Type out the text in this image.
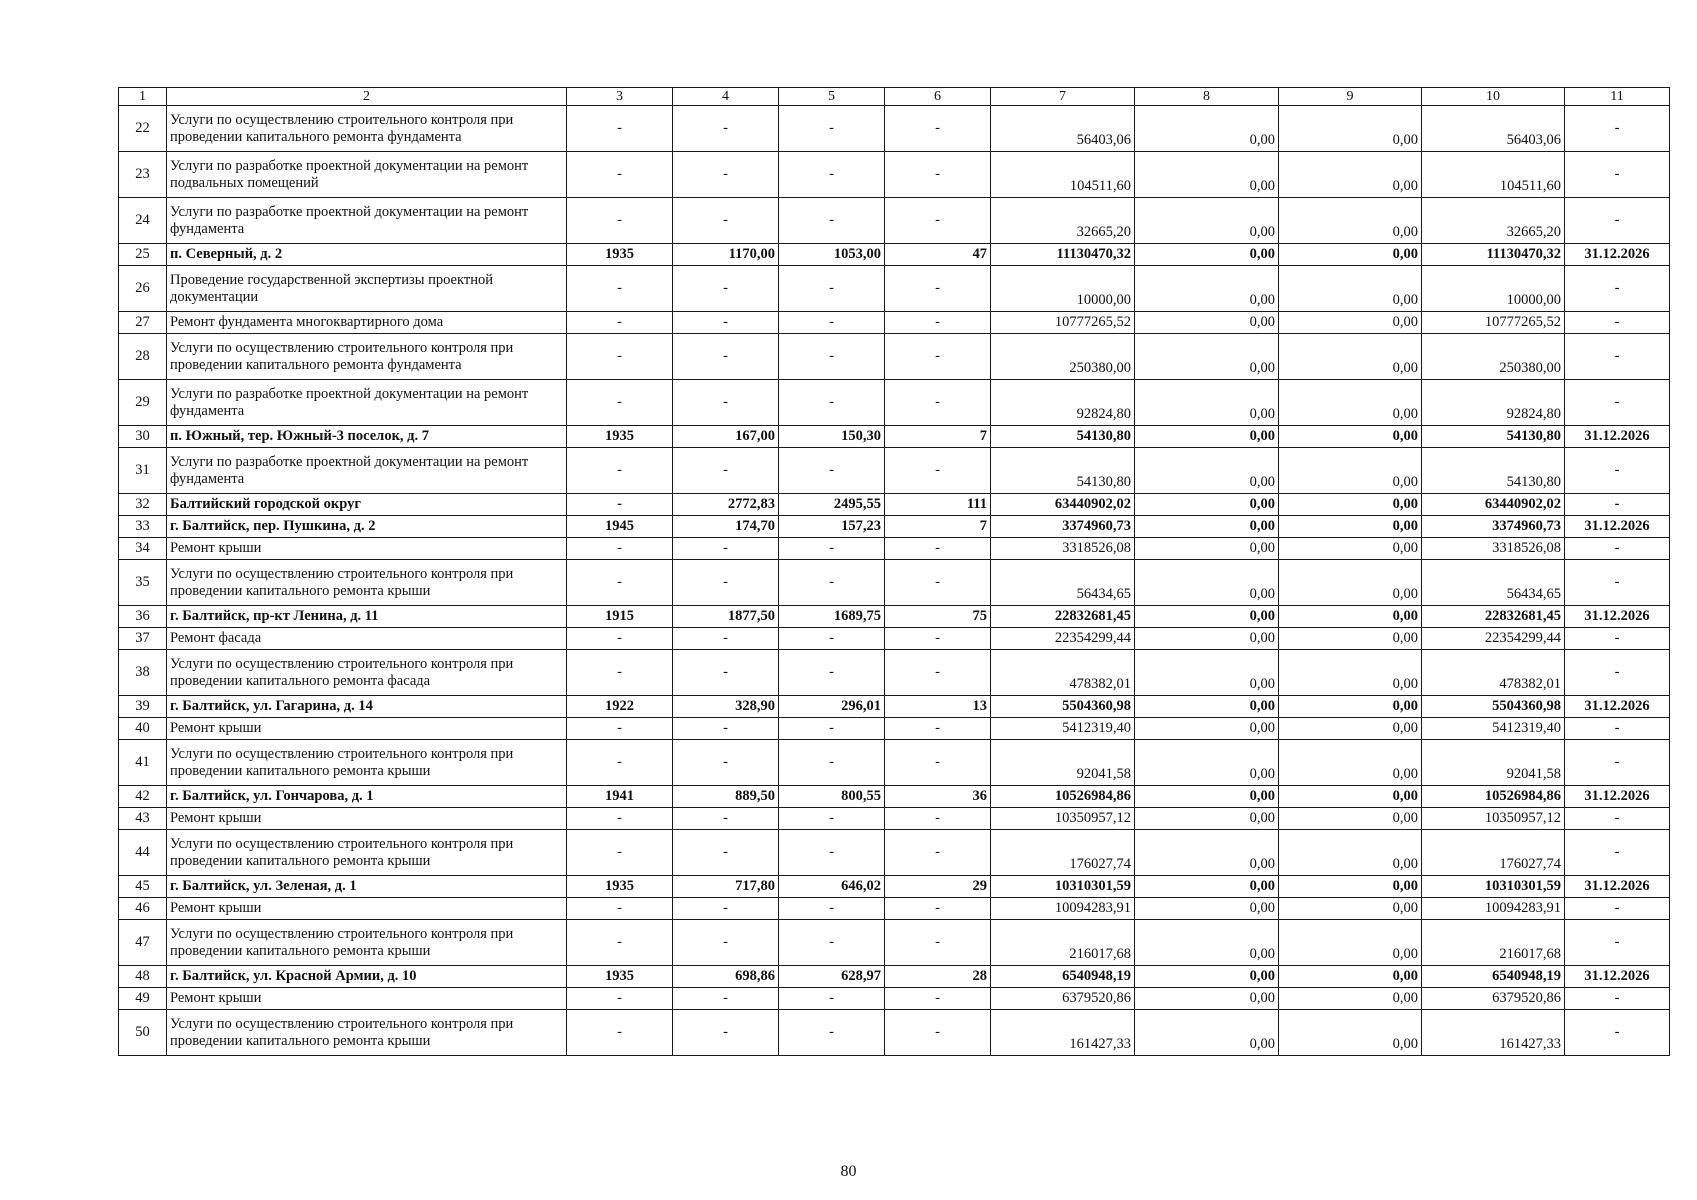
1	2	3	4	5	6	7	8	9	10	11
22	Услуги по осуществлению строительного контроля при проведении капитального ремонта фундамента	-	-	-	-	56403,06	0,00	0,00	56403,06	-
23	Услуги по разработке проектной документации на ремонт подвальных помещений	-	-	-	-	104511,60	0,00	0,00	104511,60	-
24	Услуги по разработке проектной документации на ремонт фундамента	-	-	-	-	32665,20	0,00	0,00	32665,20	-
25	п. Северный, д. 2	1935	1170,00	1053,00	47	11130470,32	0,00	0,00	11130470,32	31.12.2026
26	Проведение государственной экспертизы проектной документации	-	-	-	-	10000,00	0,00	0,00	10000,00	-
27	Ремонт фундамента многоквартирного дома	-	-	-	-	10777265,52	0,00	0,00	10777265,52	-
28	Услуги по осуществлению строительного контроля при проведении капитального ремонта фундамента	-	-	-	-	250380,00	0,00	0,00	250380,00	-
29	Услуги по разработке проектной документации на ремонт фундамента	-	-	-	-	92824,80	0,00	0,00	92824,80	-
30	п. Южный, тер. Южный-3 поселок, д. 7	1935	167,00	150,30	7	54130,80	0,00	0,00	54130,80	31.12.2026
31	Услуги по разработке проектной документации на ремонт фундамента	-	-	-	-	54130,80	0,00	0,00	54130,80	-
32	Балтийский городской округ	-	2772,83	2495,55	111	63440902,02	0,00	0,00	63440902,02	-
33	г. Балтийск, пер. Пушкина, д. 2	1945	174,70	157,23	7	3374960,73	0,00	0,00	3374960,73	31.12.2026
34	Ремонт крыши	-	-	-	-	3318526,08	0,00	0,00	3318526,08	-
35	Услуги по осуществлению строительного контроля при проведении капитального ремонта крыши	-	-	-	-	56434,65	0,00	0,00	56434,65	-
36	г. Балтийск, пр-кт Ленина, д. 11	1915	1877,50	1689,75	75	22832681,45	0,00	0,00	22832681,45	31.12.2026
37	Ремонт фасада	-	-	-	-	22354299,44	0,00	0,00	22354299,44	-
38	Услуги по осуществлению строительного контроля при проведении капитального ремонта фасада	-	-	-	-	478382,01	0,00	0,00	478382,01	-
39	г. Балтийск, ул. Гагарина, д. 14	1922	328,90	296,01	13	5504360,98	0,00	0,00	5504360,98	31.12.2026
40	Ремонт крыши	-	-	-	-	5412319,40	0,00	0,00	5412319,40	-
41	Услуги по осуществлению строительного контроля при проведении капитального ремонта крыши	-	-	-	-	92041,58	0,00	0,00	92041,58	-
42	г. Балтийск, ул. Гончарова, д. 1	1941	889,50	800,55	36	10526984,86	0,00	0,00	10526984,86	31.12.2026
43	Ремонт крыши	-	-	-	-	10350957,12	0,00	0,00	10350957,12	-
44	Услуги по осуществлению строительного контроля при проведении капитального ремонта крыши	-	-	-	-	176027,74	0,00	0,00	176027,74	-
45	г. Балтийск, ул. Зеленая, д. 1	1935	717,80	646,02	29	10310301,59	0,00	0,00	10310301,59	31.12.2026
46	Ремонт крыши	-	-	-	-	10094283,91	0,00	0,00	10094283,91	-
47	Услуги по осуществлению строительного контроля при проведении капитального ремонта крыши	-	-	-	-	216017,68	0,00	0,00	216017,68	-
48	г. Балтийск, ул. Красной Армии, д. 10	1935	698,86	628,97	28	6540948,19	0,00	0,00	6540948,19	31.12.2026
49	Ремонт крыши	-	-	-	-	6379520,86	0,00	0,00	6379520,86	-
50	Услуги по осуществлению строительного контроля при проведении капитального ремонта крыши	-	-	-	-	161427,33	0,00	0,00	161427,33	-
80
